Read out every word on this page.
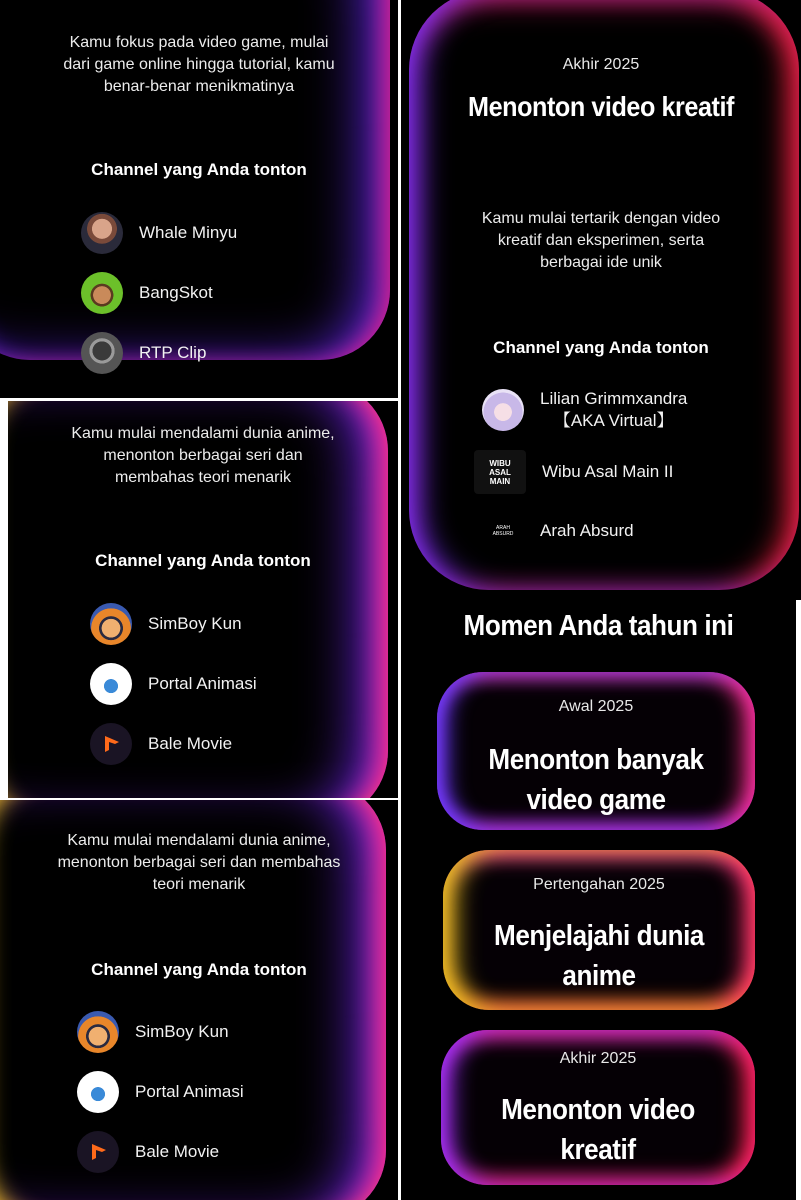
Kamu fokus pada video game, mulai dari game online hingga tutorial, kamu benar-benar menikmatinya
Channel yang Anda tonton
Whale Minyu
BangSkot
RTP Clip
Akhir 2025
Menonton video kreatif
Kamu mulai tertarik dengan video kreatif dan eksperimen, serta berbagai ide unik
Channel yang Anda tonton
Lilian Grimmxandra
【AKA Virtual】
WIBU ASAL MAIN Wibu Asal Main II
ARAH ABSURD Arah Absurd
Kamu mulai mendalami dunia anime, menonton berbagai seri dan membahas teori menarik
Channel yang Anda tonton
SimBoy Kun
Portal Animasi
Bale Movie
Kamu mulai mendalami dunia anime, menonton berbagai seri dan membahas teori menarik
Channel yang Anda tonton
SimBoy Kun
Portal Animasi
Bale Movie
Momen Anda tahun ini
Awal 2025
Menonton banyak video game
Pertengahan 2025
Menjelajahi dunia anime
Akhir 2025
Menonton video kreatif
